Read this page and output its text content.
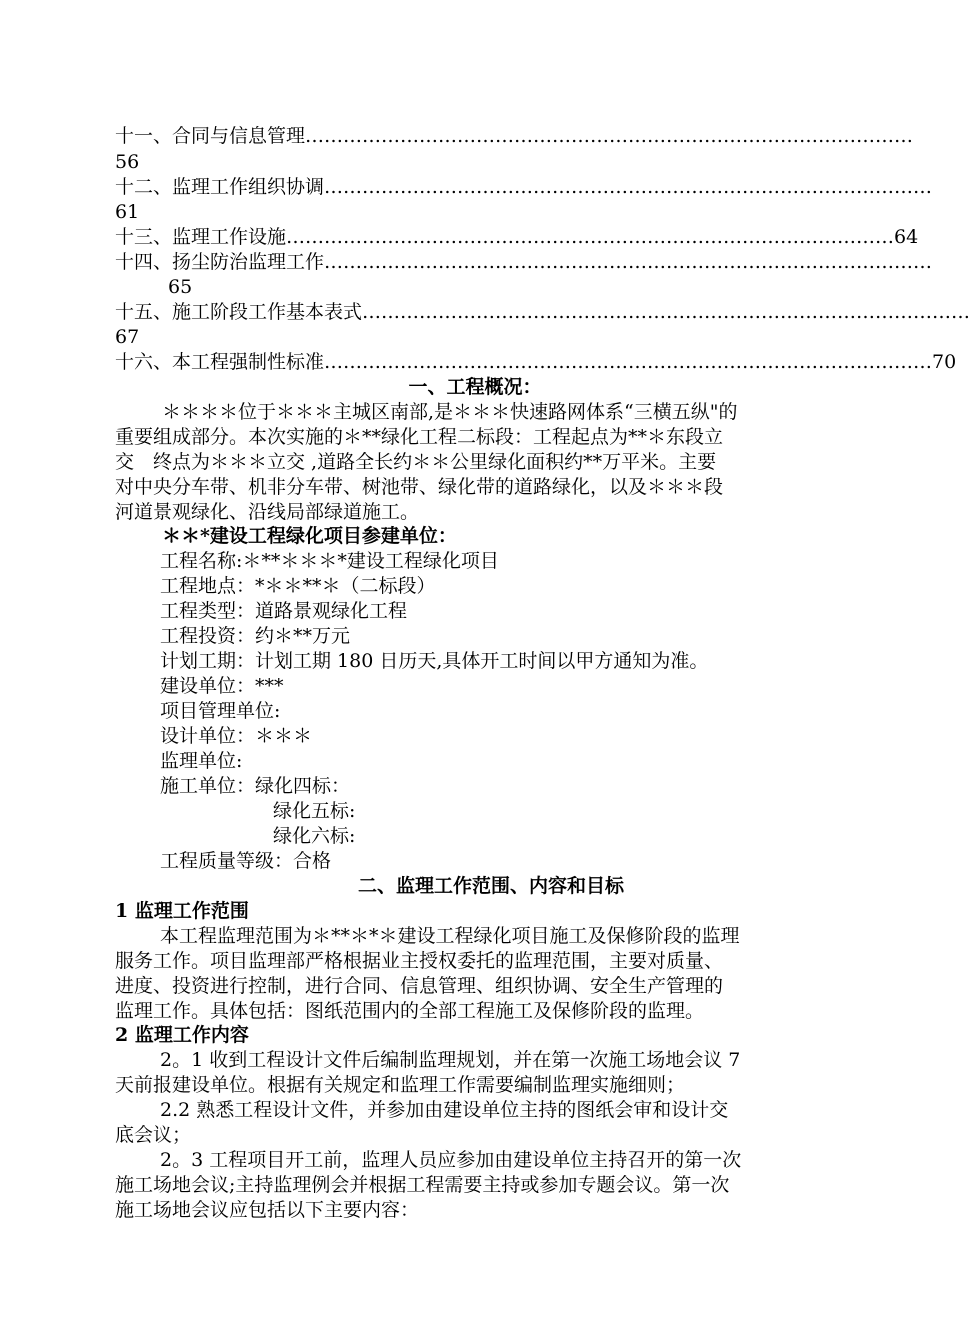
十一、合同与信息管理 ……………………………………………………………………………………
56
十二、监理工作组织协调 ……………………………………………………………………………………
61
十三、监理工作设施 …………………………………………………………………………………… 64
十四、扬尘防治监理工作 ……………………………………………………………………………………
65
十五、施工阶段工作基本表式 ……………………………………………………………………………………
67
十六、本工程强制性标准 …………………………………………………………………………………… 70
一、工程概况：
＊＊＊＊位于＊＊＊主城区南部,是＊＊＊快速路网体系“三横五纵"的
重要组成部分。本次实施的＊**绿化工程二标段：工程起点为**＊东段立
交　终点为＊＊＊立交 ,道路全长约＊＊公里绿化面积约**万平米。主要
对中央分车带、机非分车带、树池带、绿化带的道路绿化，以及＊＊＊段
河道景观绿化、沿线局部绿道施工。
＊＊*建设工程绿化项目参建单位：
工程名称:＊**＊＊＊*建设工程绿化项目
工程地点：*＊＊**＊（二标段）
工程类型：道路景观绿化工程
工程投资：约＊**万元
计划工期：计划工期 180 日历天,具体开工时间以甲方通知为准。
建设单位：***
项目管理单位:
设计单位：＊＊＊
监理单位:
施工单位：绿化四标：
绿化五标:
绿化六标:
工程质量等级：合格
二、监理工作范围、内容和目标
1 监理工作范围
本工程监理范围为＊**＊*＊建设工程绿化项目施工及保修阶段的监理
服务工作。项目监理部严格根据业主授权委托的监理范围，主要对质量、
进度、投资进行控制，进行合同、信息管理、组织协调、安全生产管理的
监理工作。具体包括：图纸范围内的全部工程施工及保修阶段的监理。
2 监理工作内容
2。1 收到工程设计文件后编制监理规划，并在第一次施工场地会议 7
天前报建设单位。根据有关规定和监理工作需要编制监理实施细则；
2.2 熟悉工程设计文件，并参加由建设单位主持的图纸会审和设计交
底会议；
2。3 工程项目开工前，监理人员应参加由建设单位主持召开的第一次
施工场地会议;主持监理例会并根据工程需要主持或参加专题会议。第一次
施工场地会议应包括以下主要内容：
